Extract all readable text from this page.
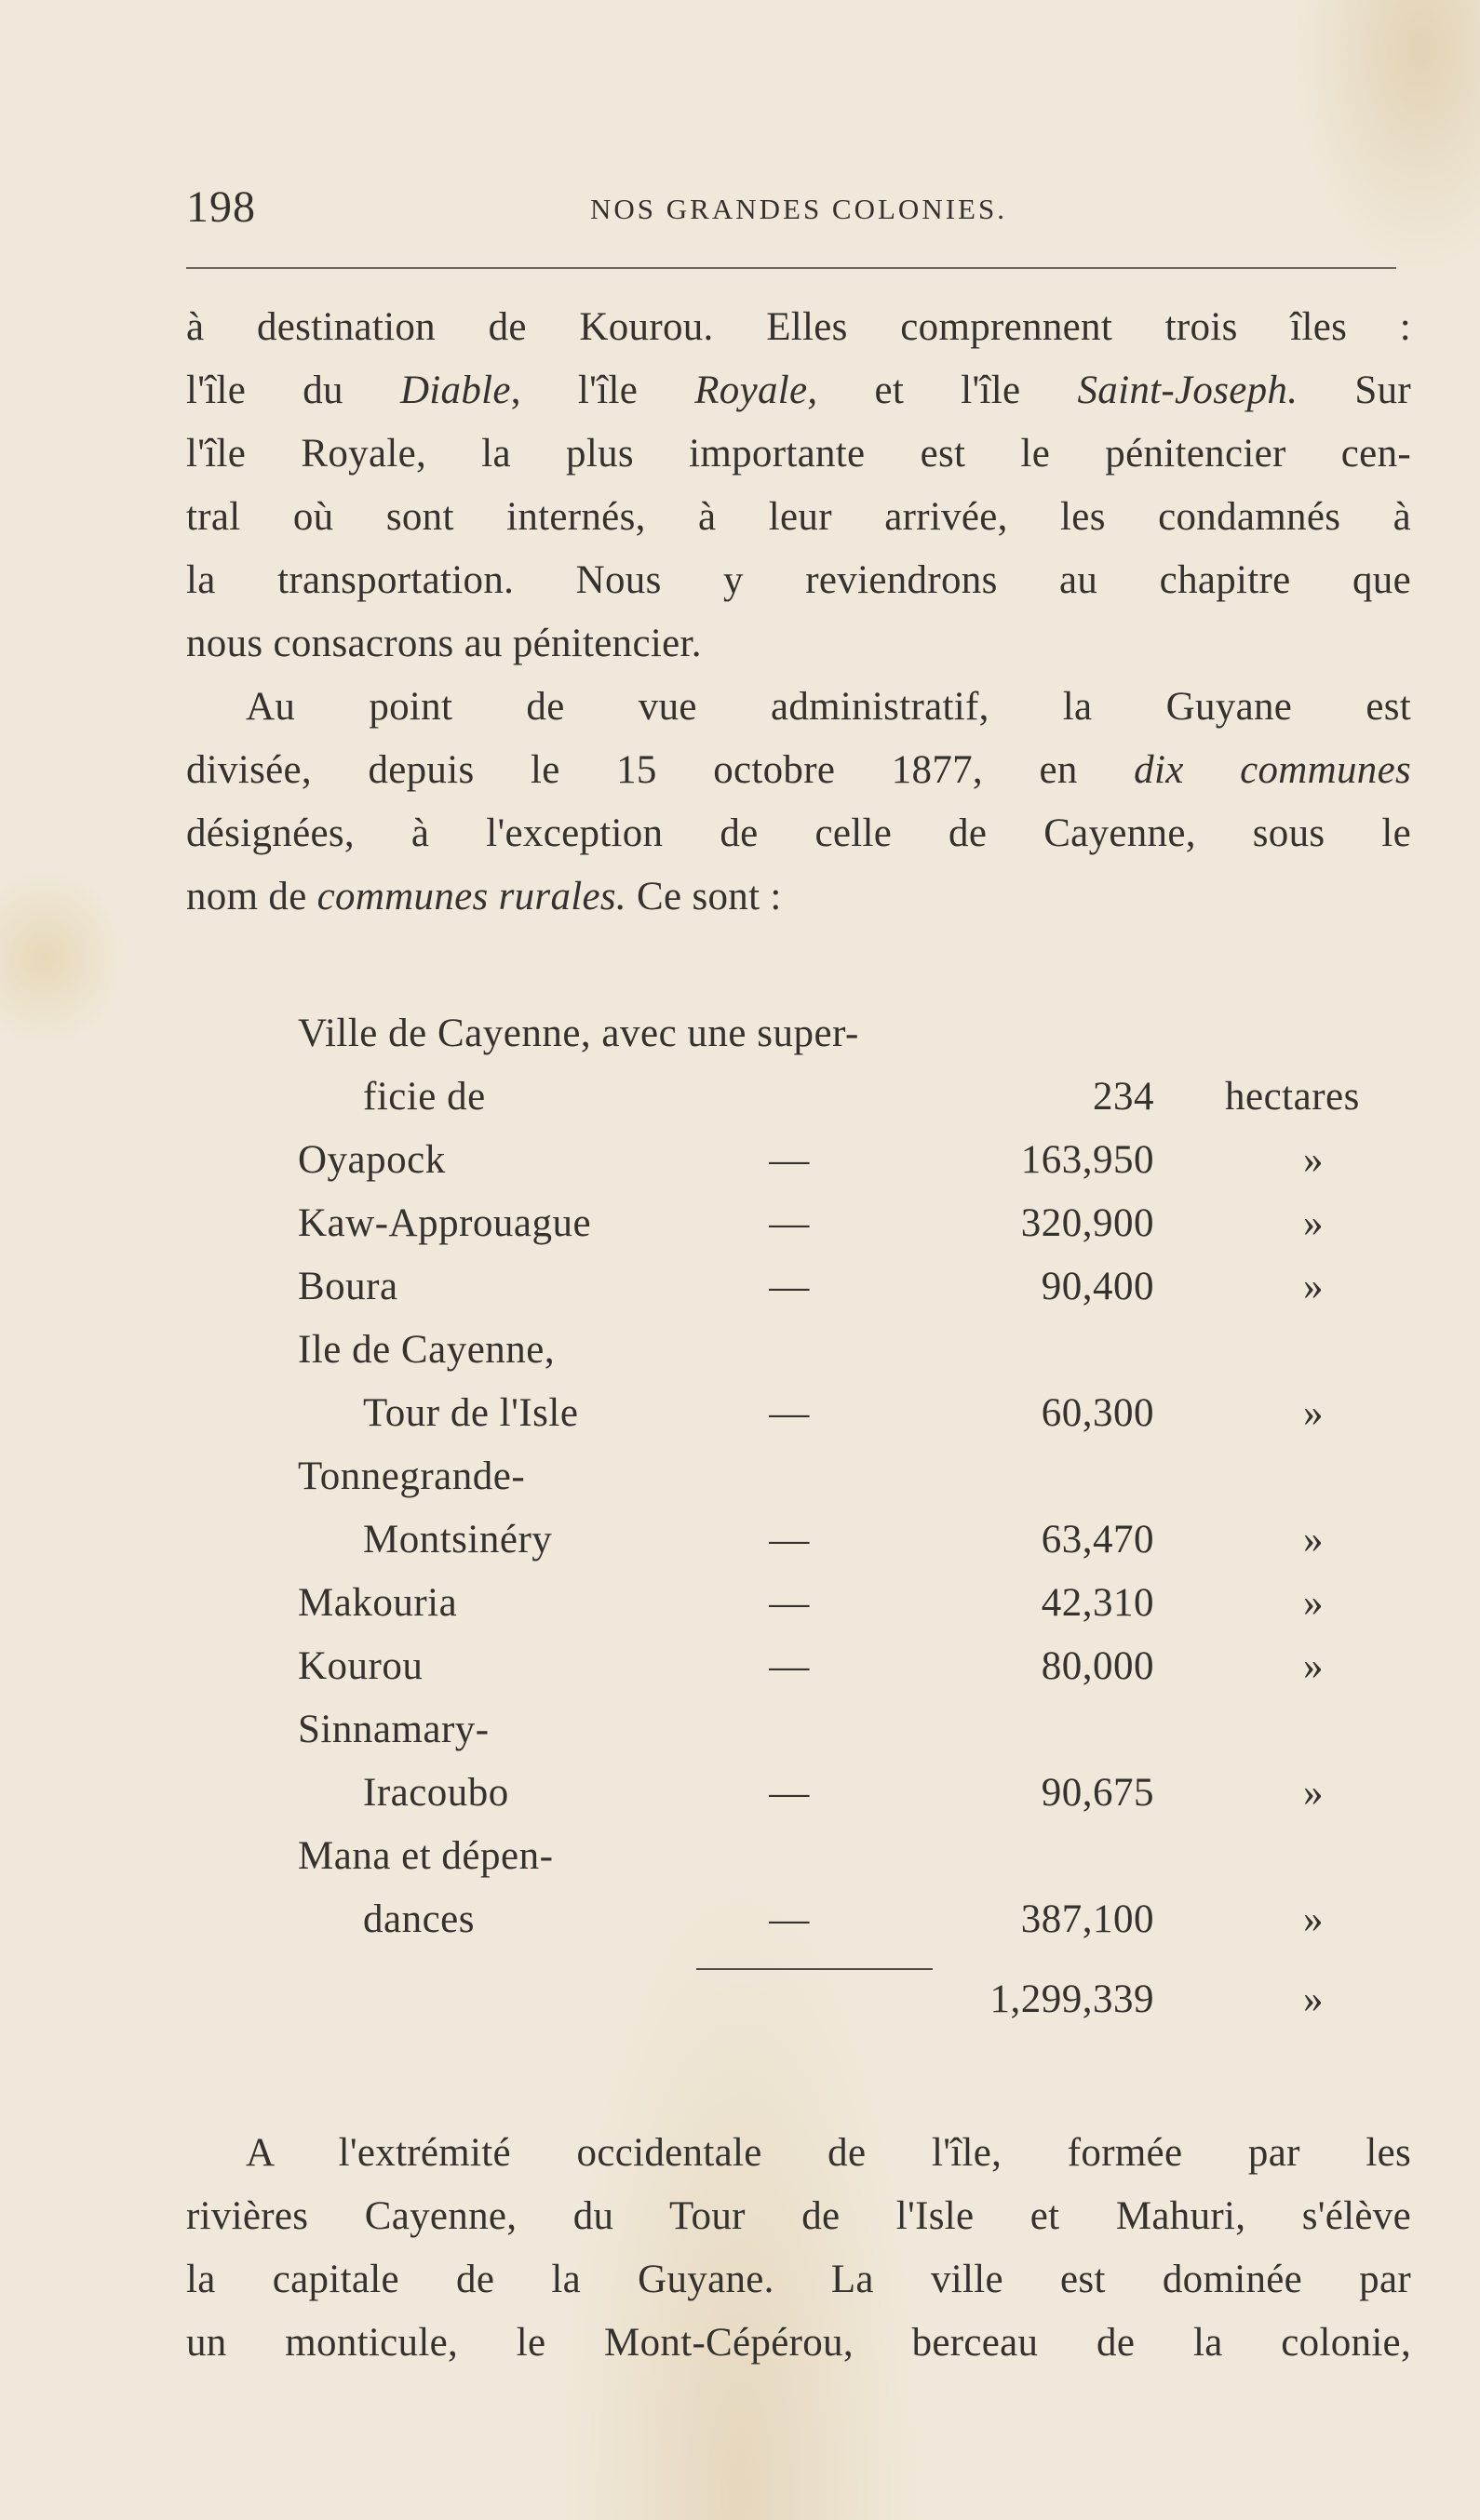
198	NOS GRANDES COLONIES.
à destination de Kourou. Elles comprennent trois îles :
l'île du Diable, l'île Royale, et l'île Saint-Joseph. Sur
l'île Royale, la plus importante est le pénitencier cen-
tral où sont internés, à leur arrivée, les condamnés à
la transportation. Nous y reviendrons au chapitre que
nous consacrons au pénitencier.
Au point de vue administratif, la Guyane est
divisée, depuis le 15 octobre 1877, en dix communes
désignées, à l'exception de celle de Cayenne, sous le
nom de communes rurales. Ce sont :
Ville de Cayenne, avec une super-
ficie de	234 hectares
Oyapock	—	163,950	»
Kaw-Approuague	—	320,900	»
Boura	—	90,400	»
Ile de Cayenne,
Tour de l'Isle	—	60,300	»
Tonnegrande-
Montsinéry	—	63,470	»
Makouria	—	42,310	»
Kourou	—	80,000	»
Sinnamary-
Iracoubo	—	90,675	»
Mana et dépen-
dances	—	387,100	»
1,299,339	»
A l'extrémité occidentale de l'île, formée par les
rivières Cayenne, du Tour de l'Isle et Mahuri, s'élève
la capitale de la Guyane. La ville est dominée par
un monticule, le Mont-Cépérou, berceau de la colonie,
